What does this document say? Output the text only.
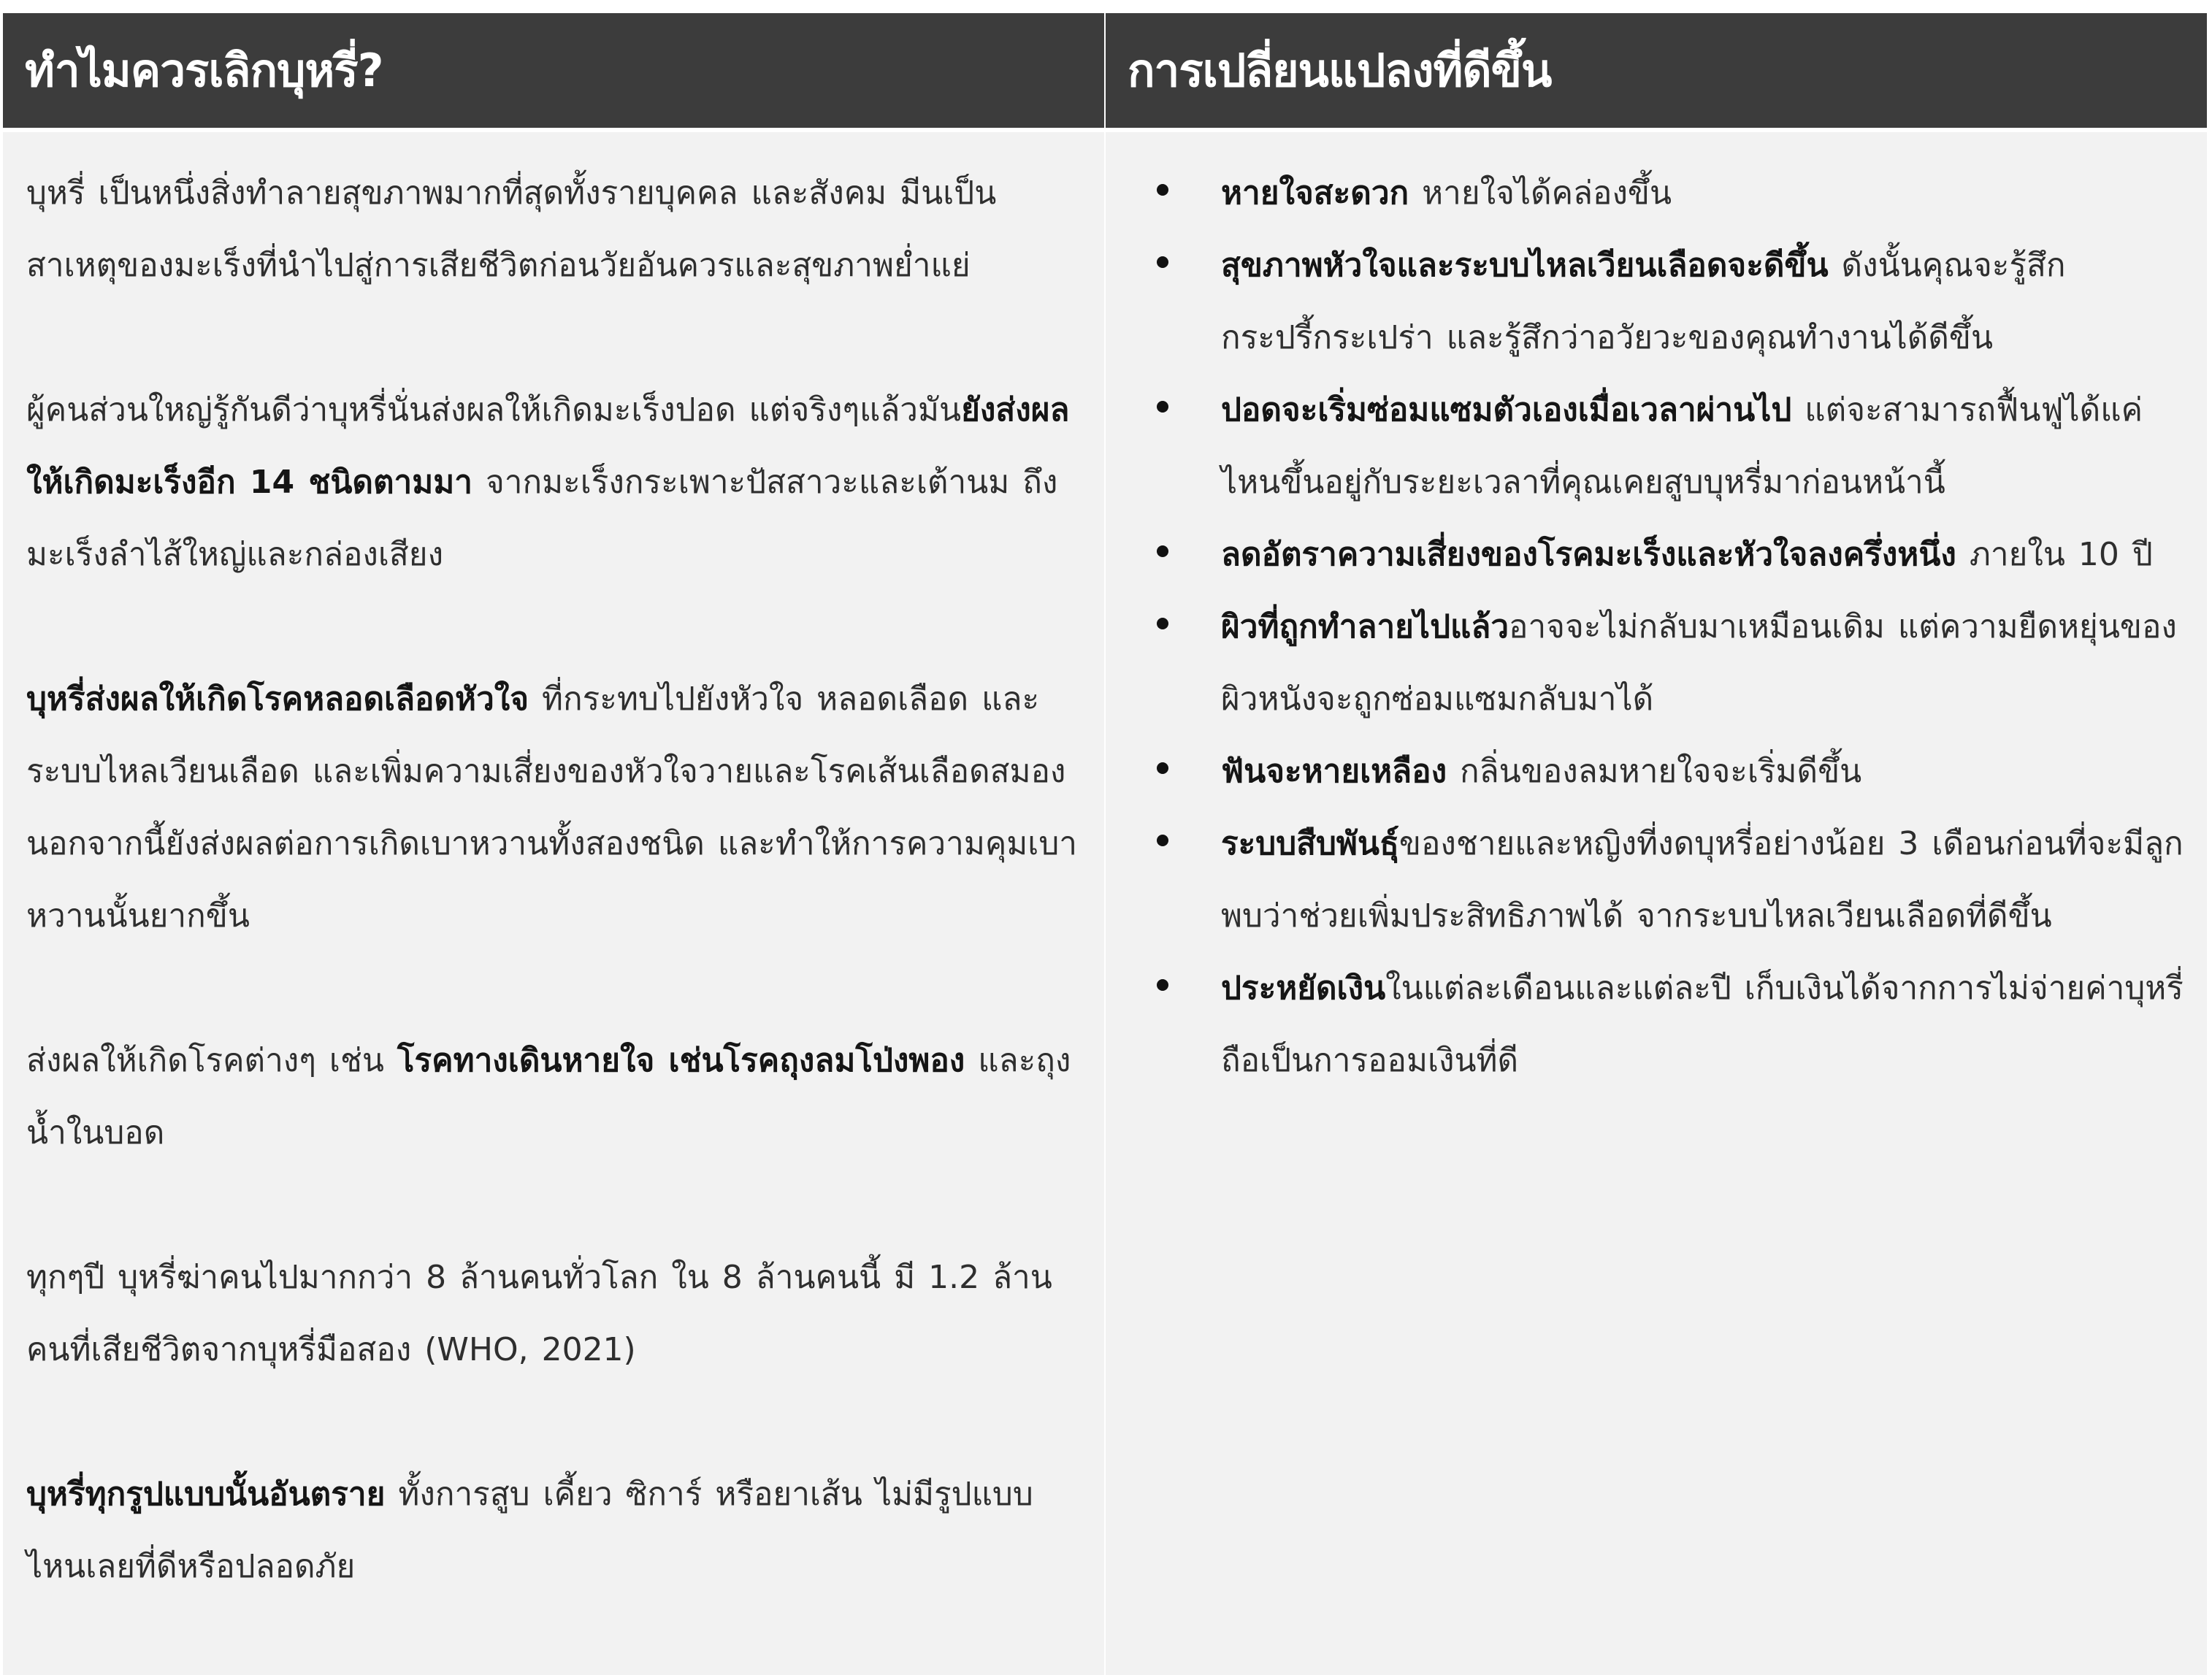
ทำไมควรเลิกบุหรี่?	การเปลี่ยนแปลงที่ดีขึ้น

บุหรี่ เป็นหนึ่งสิ่งทำลายสุขภาพมากที่สุดทั้งรายบุคคล และสังคม มีนเป็นสาเหตุของมะเร็งที่นำไปสู่การเสียชีวิตก่อนวัยอันควรและสุขภาพย่ำแย่

ผู้คนส่วนใหญ่รู้กันดีว่าบุหรี่นั่นส่งผลให้เกิดมะเร็งปอด แต่จริงๆแล้วมันยังส่งผลให้เกิดมะเร็งอีก 14 ชนิดตามมา จากมะเร็งกระเพาะปัสสาวะและเต้านม ถึงมะเร็งลำไส้ใหญ่และกล่องเสียง

บุหรี่ส่งผลให้เกิดโรคหลอดเลือดหัวใจ ที่กระทบไปยังหัวใจ หลอดเลือด และระบบไหลเวียนเลือด และเพิ่มความเสี่ยงของหัวใจวายและโรคเส้นเลือดสมอง นอกจากนี้ยังส่งผลต่อการเกิดเบาหวานทั้งสองชนิด และทำให้การความคุมเบาหวานนั้นยากขึ้น

ส่งผลให้เกิดโรคต่างๆ เช่น โรคทางเดินหายใจ เช่นโรคถุงลมโป่งพอง และถุงน้ำในบอด

ทุกๆปี บุหรี่ฆ่าคนไปมากกว่า 8 ล้านคนทั่วโลก ใน 8 ล้านคนนี้ มี 1.2 ล้านคนที่เสียชีวิตจากบุหรี่มือสอง (WHO, 2021)

บุหรี่ทุกรูปแบบนั้นอันตราย ทั้งการสูบ เคี้ยว ซิการ์ หรือยาเส้น ไม่มีรูปแบบไหนเลยที่ดีหรือปลอดภัย

หายใจสะดวก หายใจได้คล่องขึ้น
สุขภาพหัวใจและระบบไหลเวียนเลือดจะดีขึ้น ดังนั้นคุณจะรู้สึกกระปรี้กระเปร่า และรู้สึกว่าอวัยวะของคุณทำงานได้ดีขึ้น
ปอดจะเริ่มซ่อมแซมตัวเองเมื่อเวลาผ่านไป แต่จะสามารถฟื้นฟูได้แค่ไหนขึ้นอยู่กับระยะเวลาที่คุณเคยสูบบุหรี่มาก่อนหน้านี้
ลดอัตราความเสี่ยงของโรคมะเร็งและหัวใจลงครึ่งหนึ่ง ภายใน 10 ปี
ผิวที่ถูกทำลายไปแล้วอาจจะไม่กลับมาเหมือนเดิม แต่ความยืดหยุ่นของผิวหนังจะถูกซ่อมแซมกลับมาได้
ฟันจะหายเหลือง กลิ่นของลมหายใจจะเริ่มดีขึ้น
ระบบสืบพันธุ์ของชายและหญิงที่งดบุหรี่อย่างน้อย 3 เดือนก่อนที่จะมีลูกพบว่าช่วยเพิ่มประสิทธิภาพได้ จากระบบไหลเวียนเลือดที่ดีขึ้น
ประหยัดเงินในแต่ละเดือนและแต่ละปี เก็บเงินได้จากการไม่จ่ายค่าบุหรี่ ถือเป็นการออมเงินที่ดี
